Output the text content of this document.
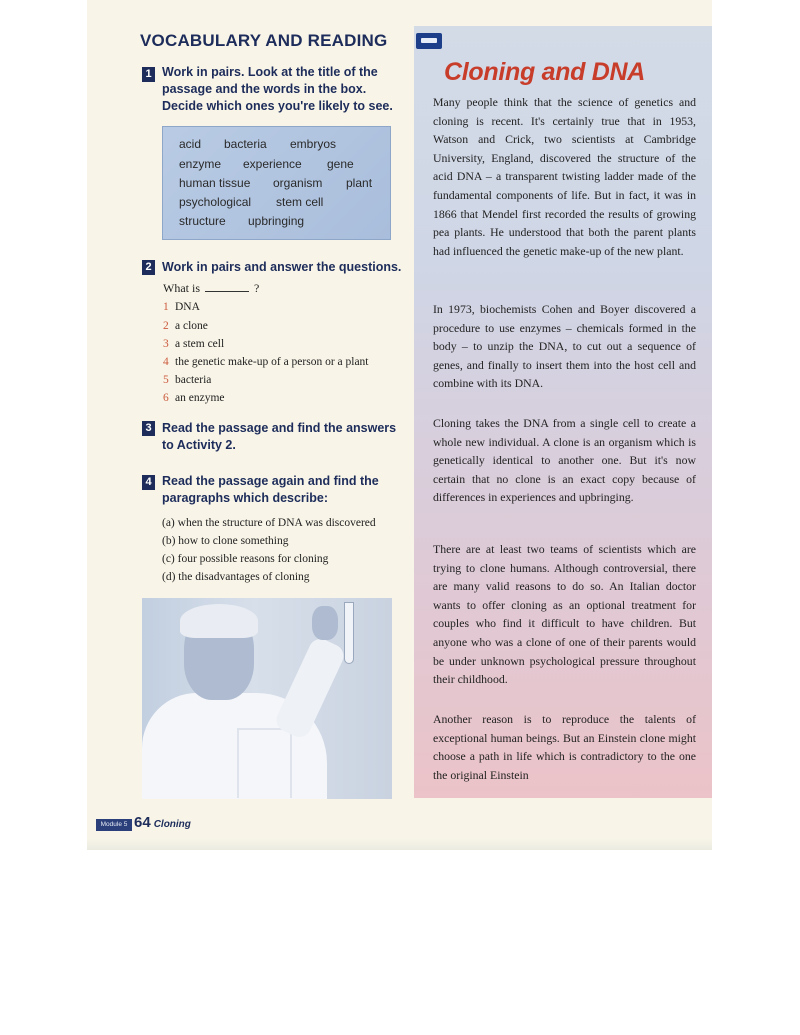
VOCABULARY AND READING
1 Work in pairs. Look at the title of the
passage and the words in the box.
Decide which ones you're likely to see.
acid bacteria embryos
enzyme experience gene
human tissue organism plant
psychological stem cell
structure upbringing
2 Work in pairs and answer the questions.
What is	?
1 DNA
2 a clone
3 a stem cell
4 the genetic make-up of a person or a plant
5 bacteria
6 an enzyme
3 Read the passage and find the answers
to Activity 2.
4 Read the passage again and find the
paragraphs which describe:
(a) when the structure of DNA was discovered
(b) how to clone something
(c) four possible reasons for cloning
(d) the disadvantages of cloning
Cloning and DNA

Many people think that the science of genetics and cloning is recent. It's certainly true that in 1953, Watson and Crick, two scientists at Cambridge University, England, discovered the structure of the acid DNA – a transparent twisting ladder made of the fundamental components of life. But in fact, it was in 1866 that Mendel first recorded the results of growing pea plants. He understood that both the parent plants had influenced the genetic make-up of the new plant.

In 1973, biochemists Cohen and Boyer discovered a procedure to use enzymes – chemicals formed in the body – to unzip the DNA, to cut out a sequence of genes, and finally to insert them into the host cell and combine with its DNA.

Cloning takes the DNA from a single cell to create a whole new individual. A clone is an organism which is genetically identical to another one. But it's now certain that no clone is an exact copy because of differences in experiences and upbringing.

There are at least two teams of scientists which are trying to clone humans. Although controversial, there are many valid reasons to do so. An Italian doctor wants to offer cloning as an optional treatment for couples who find it difficult to have children. But anyone who was a clone of one of their parents would be under unknown psychological pressure throughout their childhood.

Another reason is to reproduce the talents of exceptional human beings. But an Einstein clone might choose a path in life which is contradictory to the one the original Einstein

Module 5 64 Cloning
